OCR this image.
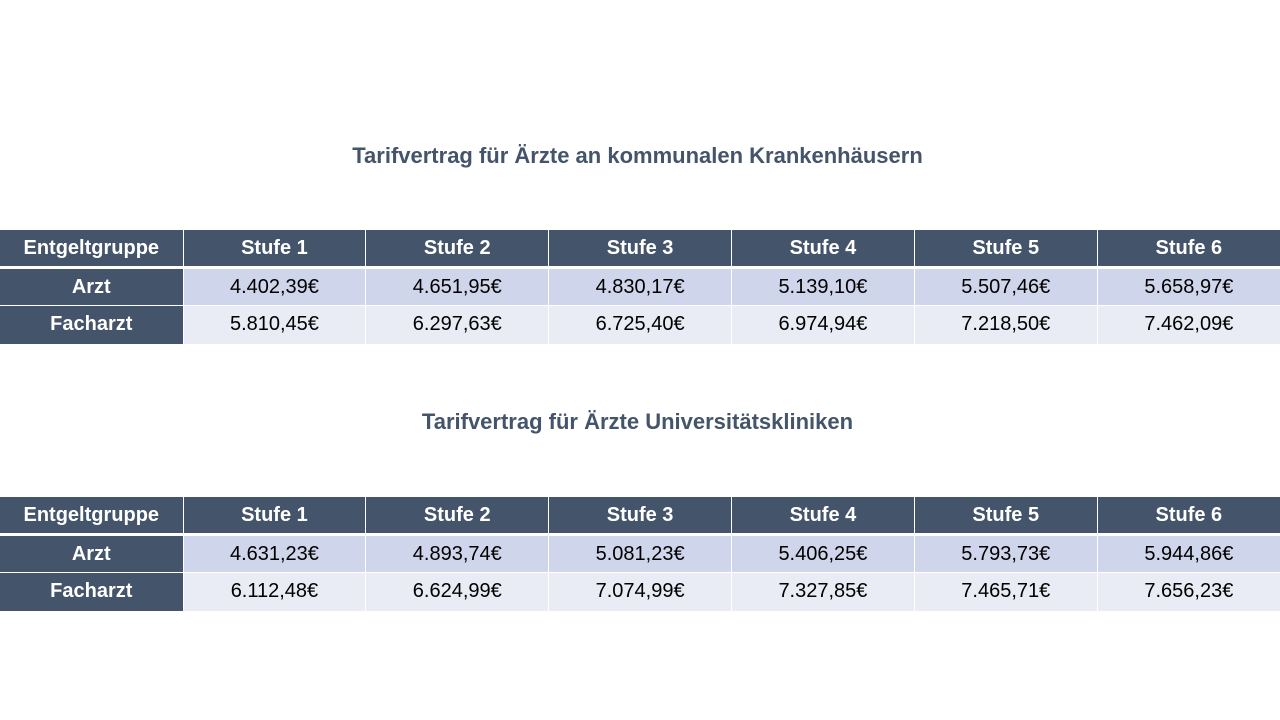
Tarifvertrag für Ärzte an kommunalen Krankenhäusern
Entgeltgruppe	Stufe 1	Stufe 2	Stufe 3	Stufe 4	Stufe 5	Stufe 6
Arzt	4.402,39€	4.651,95€	4.830,17€	5.139,10€	5.507,46€	5.658,97€
Facharzt	5.810,45€	6.297,63€	6.725,40€	6.974,94€	7.218,50€	7.462,09€
Tarifvertrag für Ärzte Universitätskliniken
Entgeltgruppe	Stufe 1	Stufe 2	Stufe 3	Stufe 4	Stufe 5	Stufe 6
Arzt	4.631,23€	4.893,74€	5.081,23€	5.406,25€	5.793,73€	5.944,86€
Facharzt	6.112,48€	6.624,99€	7.074,99€	7.327,85€	7.465,71€	7.656,23€
